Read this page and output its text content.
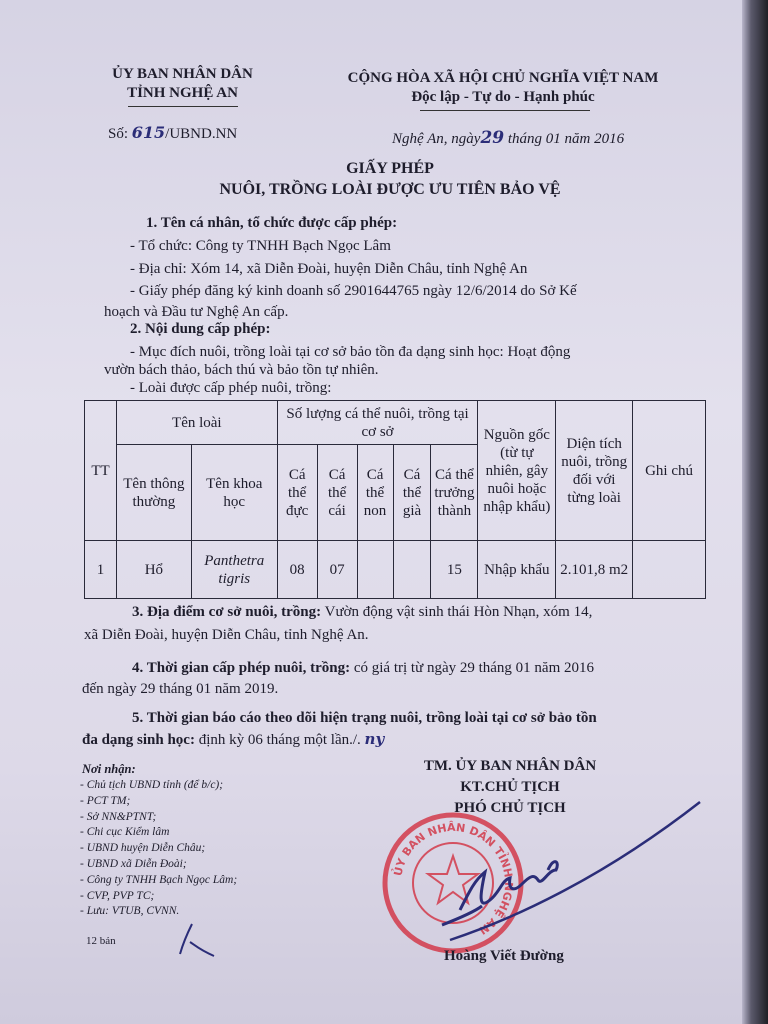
ỦY BAN NHÂN DÂN
TỈNH NGHỆ AN
CỘNG HÒA XÃ HỘI CHỦ NGHĨA VIỆT NAM
Độc lập - Tự do - Hạnh phúc
Số: 615/UBND.NN	Nghệ An, ngày29 tháng 01 năm 2016
GIẤY PHÉP
NUÔI, TRỒNG LOÀI ĐƯỢC ƯU TIÊN BẢO VỆ
1. Tên cá nhân, tổ chức được cấp phép:
- Tổ chức: Công ty TNHH Bạch Ngọc Lâm
- Địa chỉ: Xóm 14, xã Diễn Đoài, huyện Diễn Châu, tỉnh Nghệ An
- Giấy phép đăng ký kinh doanh số 2901644765 ngày 12/6/2014 do Sở Kế
hoạch và Đầu tư Nghệ An cấp.
2. Nội dung cấp phép:
- Mục đích nuôi, trồng loài tại cơ sở bảo tồn đa dạng sinh học: Hoạt động
vườn bách thảo, bách thú và bảo tồn tự nhiên.
- Loài được cấp phép nuôi, trồng:
TT	Tên loài		Số lượng cá thể nuôi, trồng tại cơ sở					Nguồn gốc (từ tự nhiên, gây nuôi hoặc nhập khẩu)	Diện tích nuôi, trồng đối với từng loài	Ghi chú
	Tên thông thường	Tên khoa học	Cá thể đực	Cá thể cái	Cá thể non	Cá thể già	Cá thể trưởng thành			
1	Hổ	Panthetra tigris	08	07			15	Nhập khẩu	2.101,8 m2	
3. Địa điểm cơ sở nuôi, trồng: Vườn động vật sinh thái Hòn Nhạn, xóm 14,
xã Diễn Đoài, huyện Diễn Châu, tỉnh Nghệ An.
4. Thời gian cấp phép nuôi, trồng: có giá trị từ ngày 29 tháng 01 năm 2016
đến ngày 29 tháng 01 năm 2019.
5. Thời gian báo cáo theo dõi hiện trạng nuôi, trồng loài tại cơ sở bảo tồn
đa dạng sinh học: định kỳ 06 tháng một lần./. ny
Nơi nhận:
- Chủ tịch UBND tỉnh (để b/c);
- PCT TM;
- Sở NN&PTNT;
- Chi cục Kiểm lâm
- UBND huyện Diễn Châu;
- UBND xã Diễn Đoài;
- Công ty TNHH Bạch Ngọc Lâm;
- CVP, PVP TC;
- Lưu: VTUB, CVNN.
12 bản
TM. ỦY BAN NHÂN DÂN
KT.CHỦ TỊCH
PHÓ CHỦ TỊCH
ỦY BAN NHÂN DÂN TỈNH NGHỆ AN
Hoàng Viết Đường
